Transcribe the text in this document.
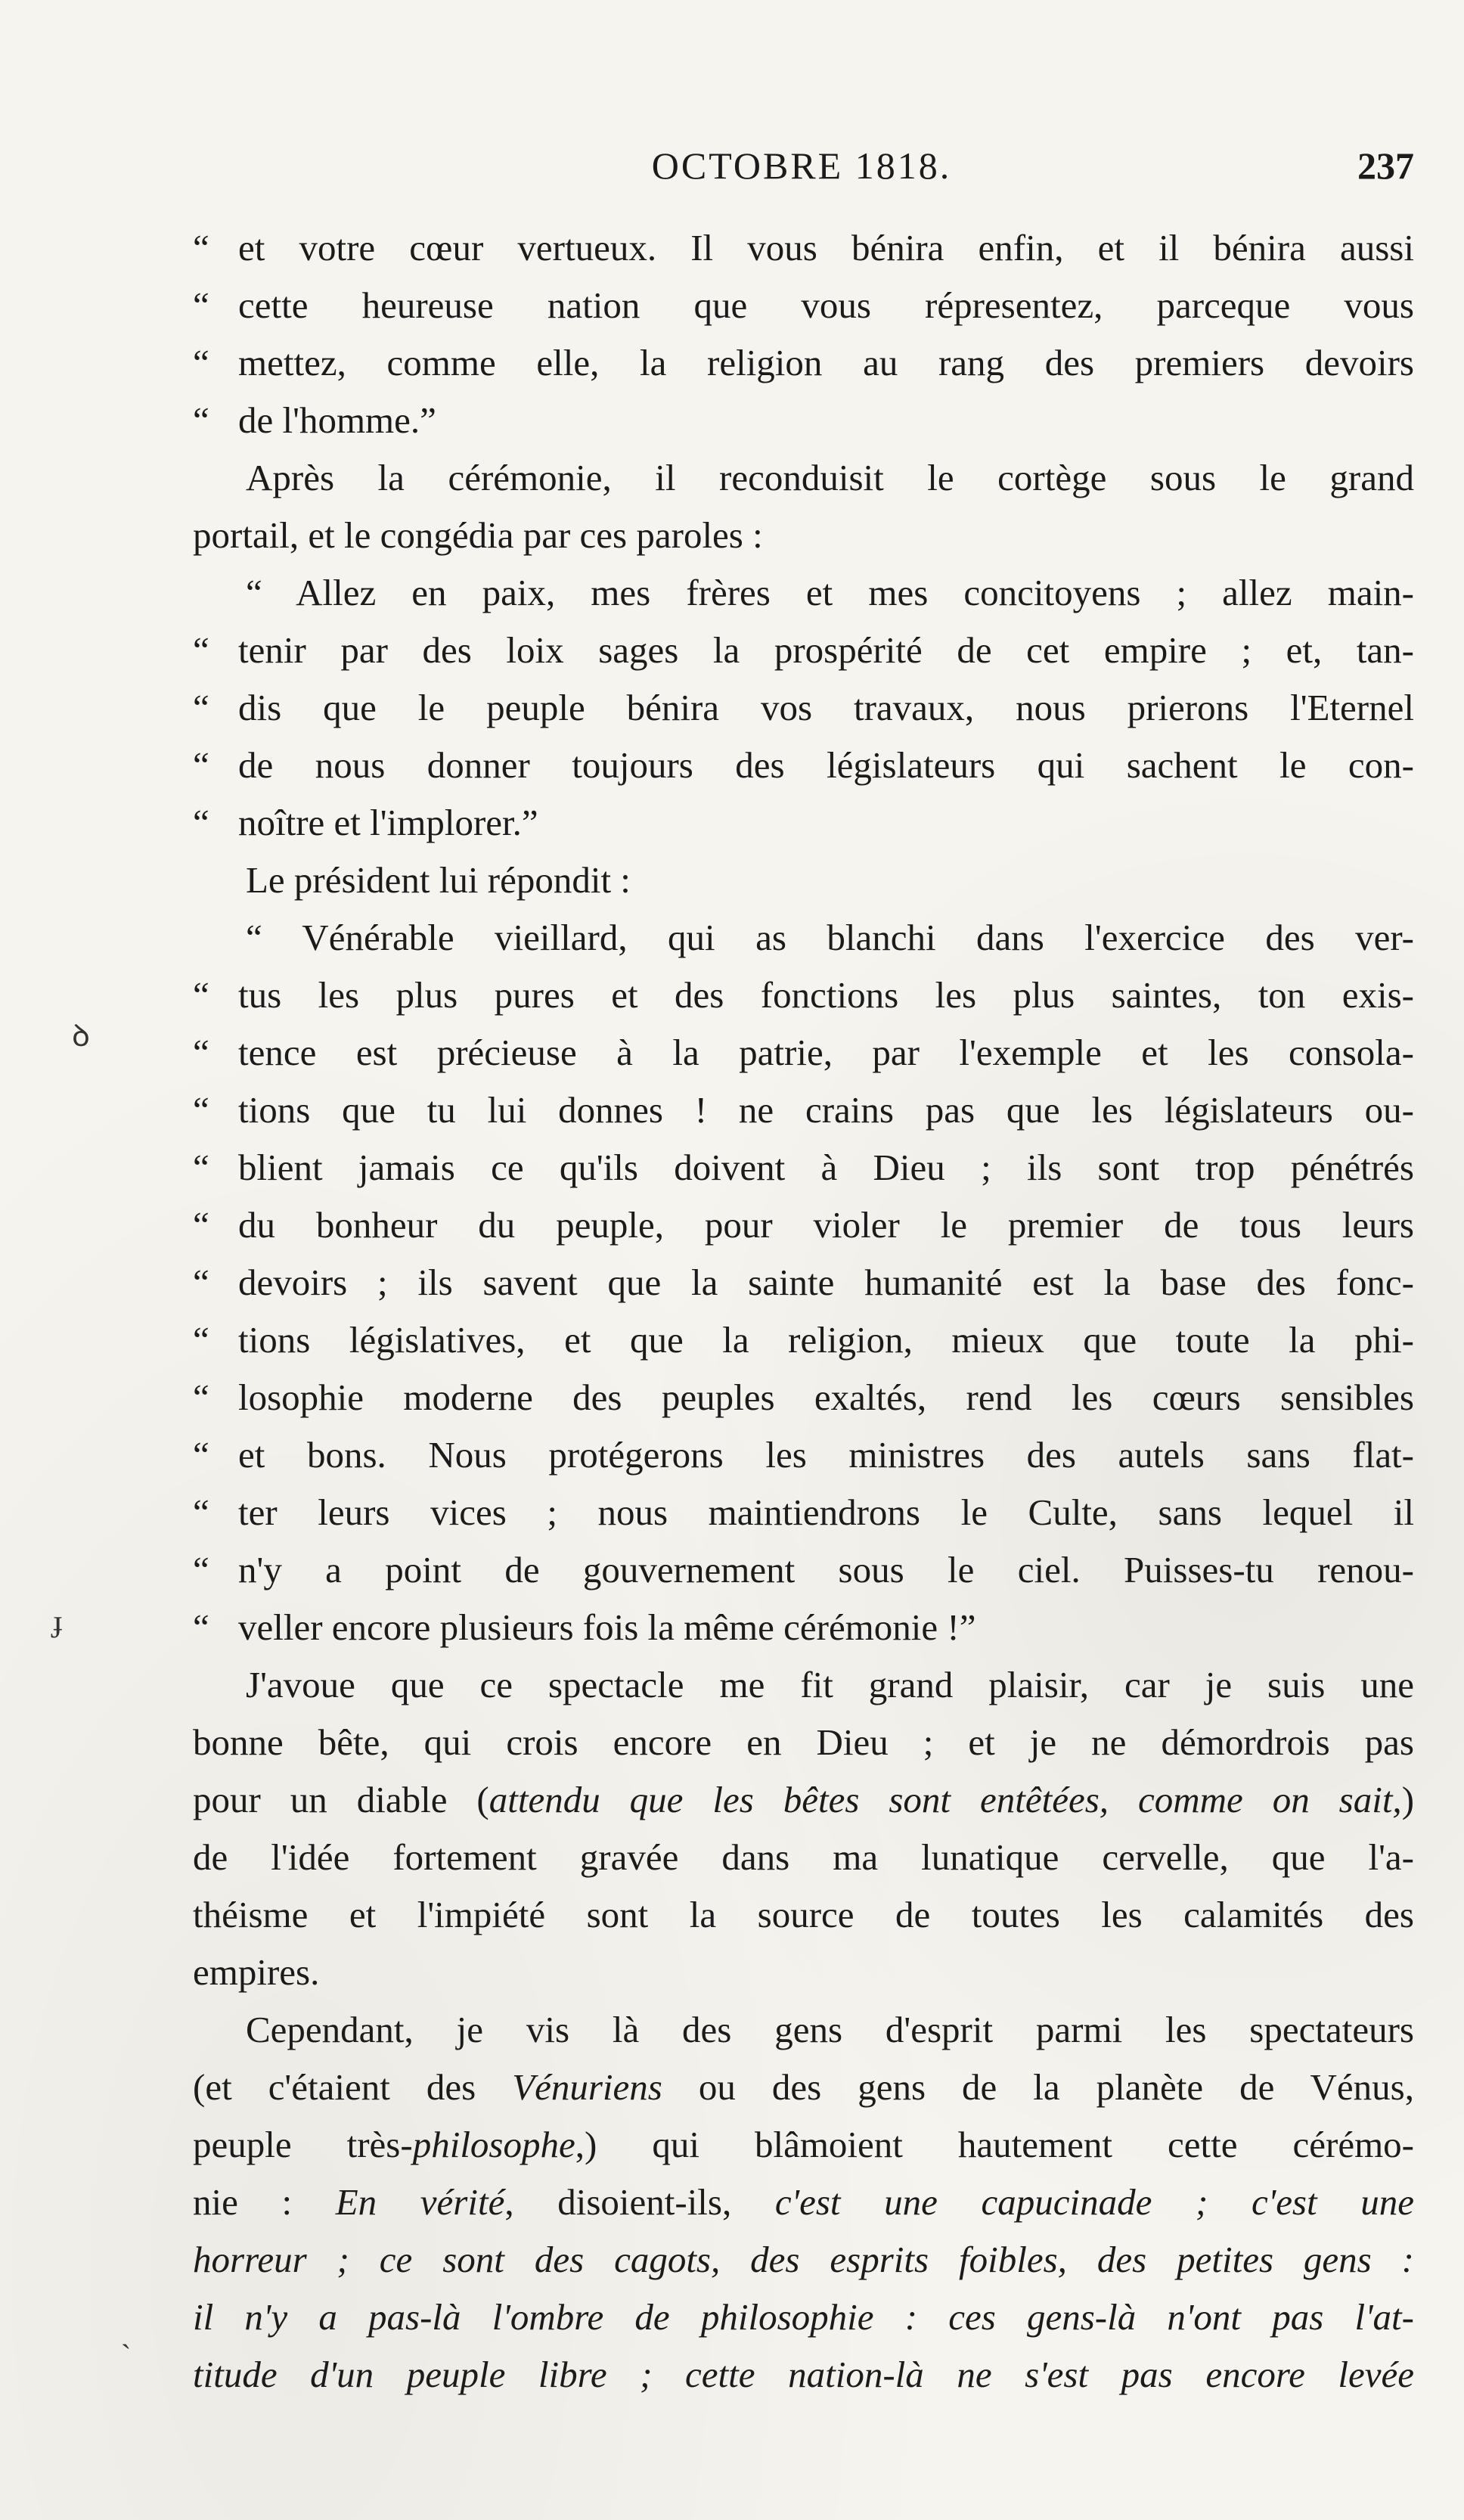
OCTOBRE 1818.	237
“ et votre cœur vertueux. Il vous bénira enfin, et il bénira aussi
“ cette heureuse nation que vous répresentez, parceque vous
“ mettez, comme elle, la religion au rang des premiers devoirs
“ de l'homme.”
Après la cérémonie, il reconduisit le cortège sous le grand
portail, et le congédia par ces paroles :
“ Allez en paix, mes frères et mes concitoyens ; allez main-
“ tenir par des loix sages la prospérité de cet empire ; et, tan-
“ dis que le peuple bénira vos travaux, nous prierons l'Eternel
“ de nous donner toujours des législateurs qui sachent le con-
“ noître et l'implorer.”
Le président lui répondit :
“ Vénérable vieillard, qui as blanchi dans l'exercice des ver-
“ tus les plus pures et des fonctions les plus saintes, ton exis-
“ tence est précieuse à la patrie, par l'exemple et les consola-
“ tions que tu lui donnes ! ne crains pas que les législateurs ou-
“ blient jamais ce qu'ils doivent à Dieu ; ils sont trop pénétrés
“ du bonheur du peuple, pour violer le premier de tous leurs
“ devoirs ; ils savent que la sainte humanité est la base des fonc-
“ tions législatives, et que la religion, mieux que toute la phi-
“ losophie moderne des peuples exaltés, rend les cœurs sensibles
“ et bons. Nous protégerons les ministres des autels sans flat-
“ ter leurs vices ; nous maintiendrons le Culte, sans lequel il
“ n'y a point de gouvernement sous le ciel. Puisses-tu renou-
“ veller encore plusieurs fois la même cérémonie !”
J'avoue que ce spectacle me fit grand plaisir, car je suis une
bonne bête, qui crois encore en Dieu ; et je ne démordrois pas
pour un diable (attendu que les bêtes sont entêtées, comme on sait,)
de l'idée fortement gravée dans ma lunatique cervelle, que l'a-
théisme et l'impiété sont la source de toutes les calamités des
empires.
Cependant, je vis là des gens d'esprit parmi les spectateurs
(et c'étaient des Vénuriens ou des gens de la planète de Vénus,
peuple très-philosophe,) qui blâmoient hautement cette cérémo-
nie : En vérité, disoient-ils, c'est une capucinade ; c'est une
horreur ; ce sont des cagots, des esprits foibles, des petites gens :
il n'y a pas-là l'ombre de philosophie : ces gens-là n'ont pas l'at-
titude d'un peuple libre ; cette nation-là ne s'est pas encore levée
ꝺ
ɟ
ˎ
